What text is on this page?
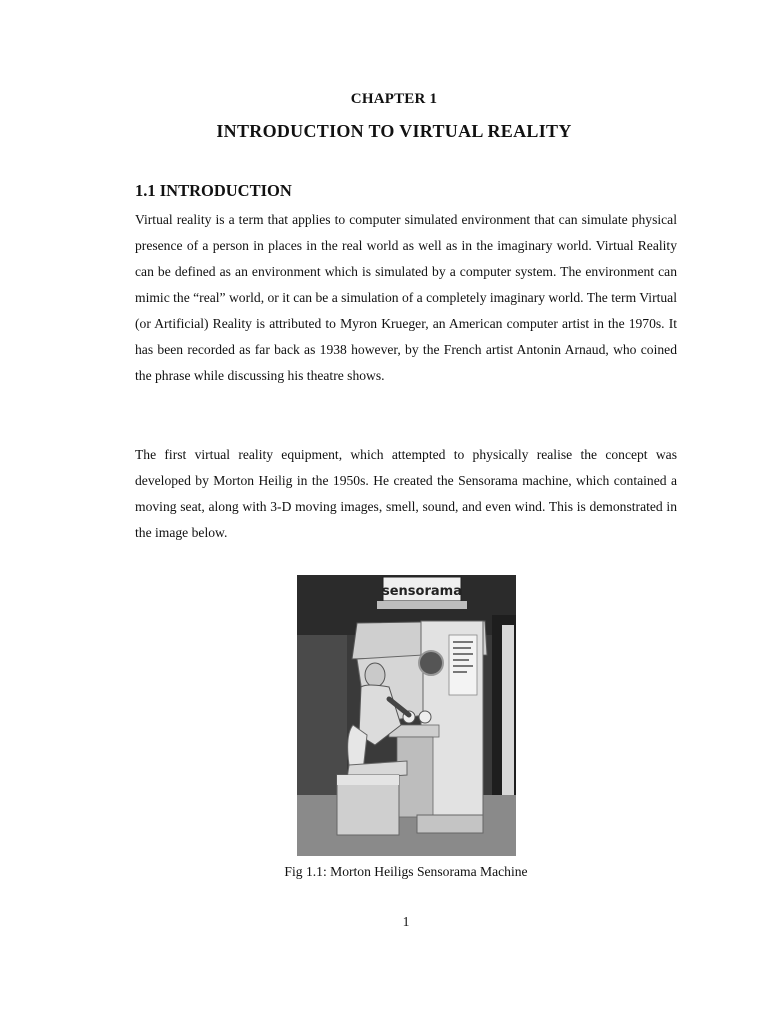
CHAPTER 1
INTRODUCTION TO VIRTUAL REALITY
1.1 INTRODUCTION

Virtual reality is a term that applies to computer simulated environment that can simulate physical presence of a person in places in the real world as well as in the imaginary world. Virtual Reality can be defined as an environment which is simulated by a computer system. The environment can mimic the “real” world, or it can be a simulation of a completely imaginary world. The term Virtual (or Artificial) Reality is attributed to Myron Krueger, an American computer artist in the 1970s. It has been recorded as far back as 1938 however, by the French artist Antonin Arnaud, who coined the phrase while discussing his theatre shows.

The first virtual reality equipment, which attempted to physically realise the concept was developed by Morton Heilig in the 1950s. He created the Sensorama machine, which contained a moving seat, along with 3-D moving images, smell, sound, and even wind. This is demonstrated in the image below.

sensorama
Fig 1.1: Morton Heiligs Sensorama Machine
1
